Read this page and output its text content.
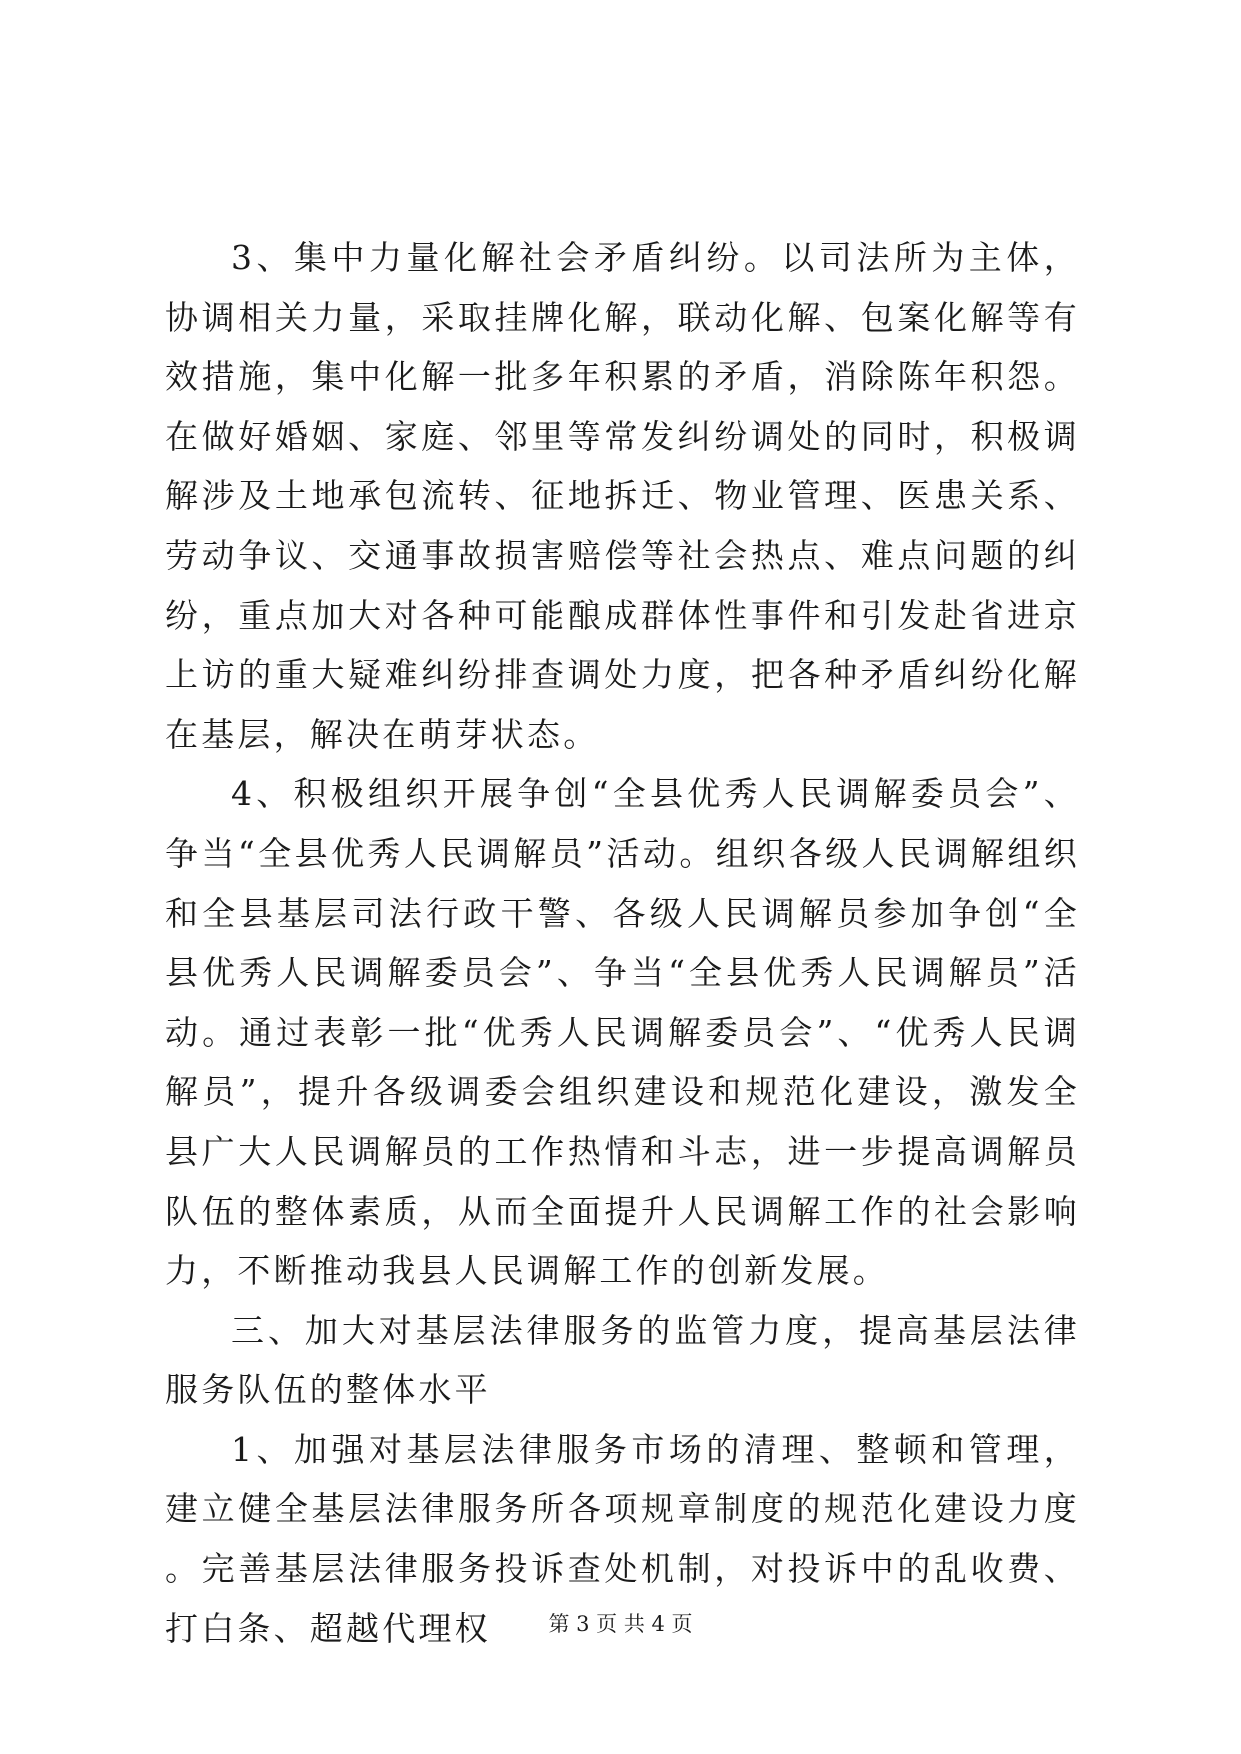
3、集中力量化解社会矛盾纠纷。以司法所为主体，协调相关力量，采取挂牌化解，联动化解、包案化解等有效措施，集中化解一批多年积累的矛盾，消除陈年积怨。在做好婚姻、家庭、邻里等常发纠纷调处的同时，积极调解涉及土地承包流转、征地拆迁、物业管理、医患关系、劳动争议、交通事故损害赔偿等社会热点、难点问题的纠纷，重点加大对各种可能酿成群体性事件和引发赴省进京上访的重大疑难纠纷排查调处力度，把各种矛盾纠纷化解在基层，解决在萌芽状态。

4、积极组织开展争创“全县优秀人民调解委员会”、争当“全县优秀人民调解员”活动。组织各级人民调解组织和全县基层司法行政干警、各级人民调解员参加争创“全县优秀人民调解委员会”、争当“全县优秀人民调解员”活动。通过表彰一批“优秀人民调解委员会”、“优秀人民调解员”，提升各级调委会组织建设和规范化建设，激发全县广大人民调解员的工作热情和斗志，进一步提高调解员队伍的整体素质，从而全面提升人民调解工作的社会影响力，不断推动我县人民调解工作的创新发展。

三、加大对基层法律服务的监管力度，提高基层法律服务队伍的整体水平

1、加强对基层法律服务市场的清理、整顿和管理，建立健全基层法律服务所各项规章制度的规范化建设力度。完善基层法律服务投诉查处机制，对投诉中的乱收费、打白条、超越代理权	第 3 页 共 4 页
